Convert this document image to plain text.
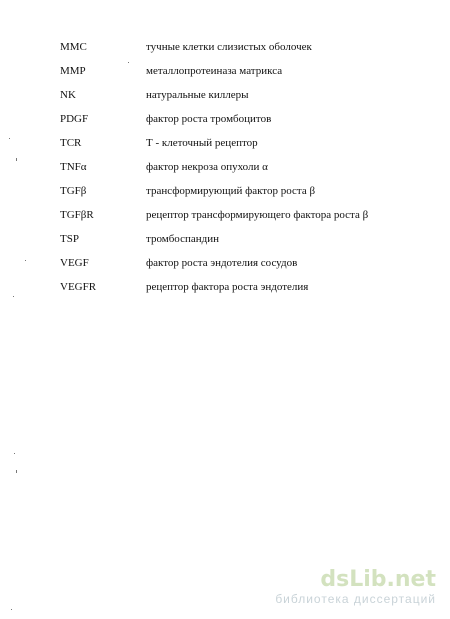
ММС	тучные клетки слизистых оболочек
ММР	металлопротеиназа матрикса
NK	натуральные киллеры
PDGF	фактор роста тромбоцитов
TCR	Т - клеточный рецептор
TNFα	фактор некроза опухоли α
TGFβ	трансформирующий фактор роста β
TGFβR	рецептор трансформирующего фактора роста β
TSP	тромбоспандин
VEGF	фактор роста эндотелия сосудов
VEGFR	рецептор фактора роста эндотелия
dsLib.net
библиотека диссертаций
